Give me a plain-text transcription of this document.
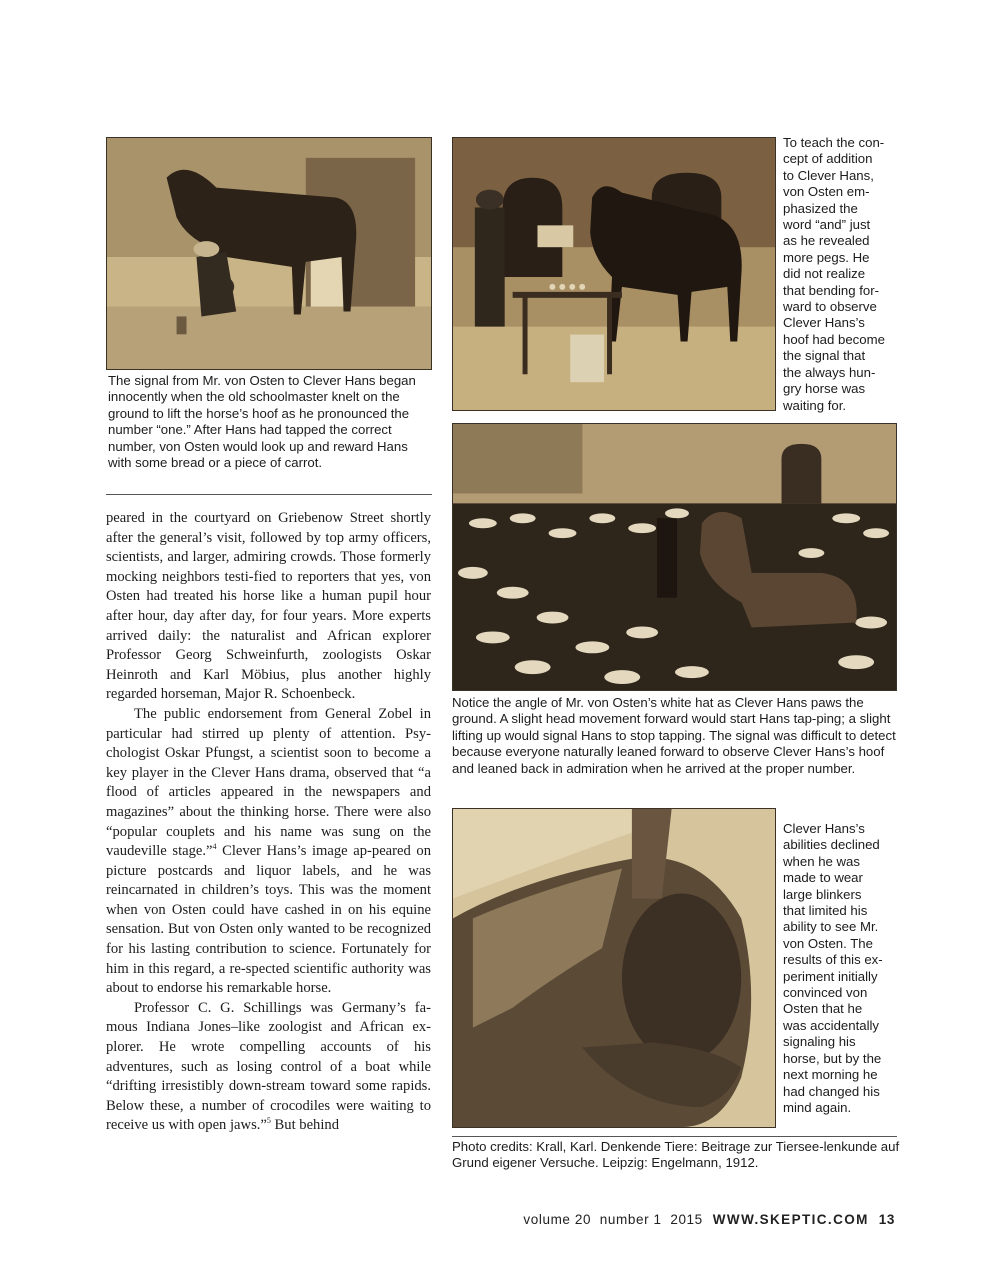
The signal from Mr. von Osten to Clever Hans began innocently when the old schoolmaster knelt on the ground to lift the horse’s hoof as he pronounced the number “one.” After Hans had tapped the correct number, von Osten would look up and reward Hans with some bread or a piece of carrot.

peared in the courtyard on Griebenow Street shortly after the general’s visit, followed by top army officers, scientists, and larger, admiring crowds. Those formerly mocking neighbors testi-fied to reporters that yes, von Osten had treated his horse like a human pupil hour after hour, day after day, for four years. More experts arrived daily: the naturalist and African explorer Professor Georg Schweinfurth, zoologists Oskar Heinroth and Karl Möbius, plus another highly regarded horseman, Major R. Schoenbeck.

The public endorsement from General Zobel in particular had stirred up plenty of attention. Psy-chologist Oskar Pfungst, a scientist soon to become a key player in the Clever Hans drama, observed that “a flood of articles appeared in the newspapers and magazines” about the thinking horse. There were also “popular couplets and his name was sung on the vaudeville stage.”$^4$ Clever Hans’s image ap-peared on picture postcards and liquor labels, and he was reincarnated in children’s toys. This was the moment when von Osten could have cashed in on his equine sensation. But von Osten only wanted to be recognized for his lasting contribution to science. Fortunately for him in this regard, a re-spected scientific authority was about to endorse his remarkable horse.

Professor C. G. Schillings was Germany’s fa-mous Indiana Jones–like zoologist and African ex-plorer. He wrote compelling accounts of his adventures, such as losing control of a boat while “drifting irresistibly down-stream toward some rapids. Below these, a number of crocodiles were waiting to receive us with open jaws.”$^5$ But behind

To teach the con-
cept of addition
to Clever Hans,
von Osten em-
phasized the
word “and” just
as he revealed
more pegs. He
did not realize
that bending for-
ward to observe
Clever Hans’s
hoof had become
the signal that
the always hun-
gry horse was
waiting for.
Notice the angle of Mr. von Osten’s white hat as Clever Hans paws the ground. A slight head movement forward would start Hans tap-ping; a slight lifting up would signal Hans to stop tapping. The signal was difficult to detect because everyone naturally leaned forward to observe Clever Hans’s hoof and leaned back in admiration when he arrived at the proper number.
Clever Hans’s
abilities declined
when he was
made to wear
large blinkers
that limited his
ability to see Mr.
von Osten. The
results of this ex-
periment initially
convinced von
Osten that he
was accidentally
signaling his
horse, but by the
next morning he
had changed his
mind again.
Photo credits: Krall, Karl. Denkende Tiere: Beitrage zur Tiersee-lenkunde auf Grund eigener Versuche. Leipzig: Engelmann, 1912.
volume 20  number 1  2015 WWW.SKEPTIC.COM 13
